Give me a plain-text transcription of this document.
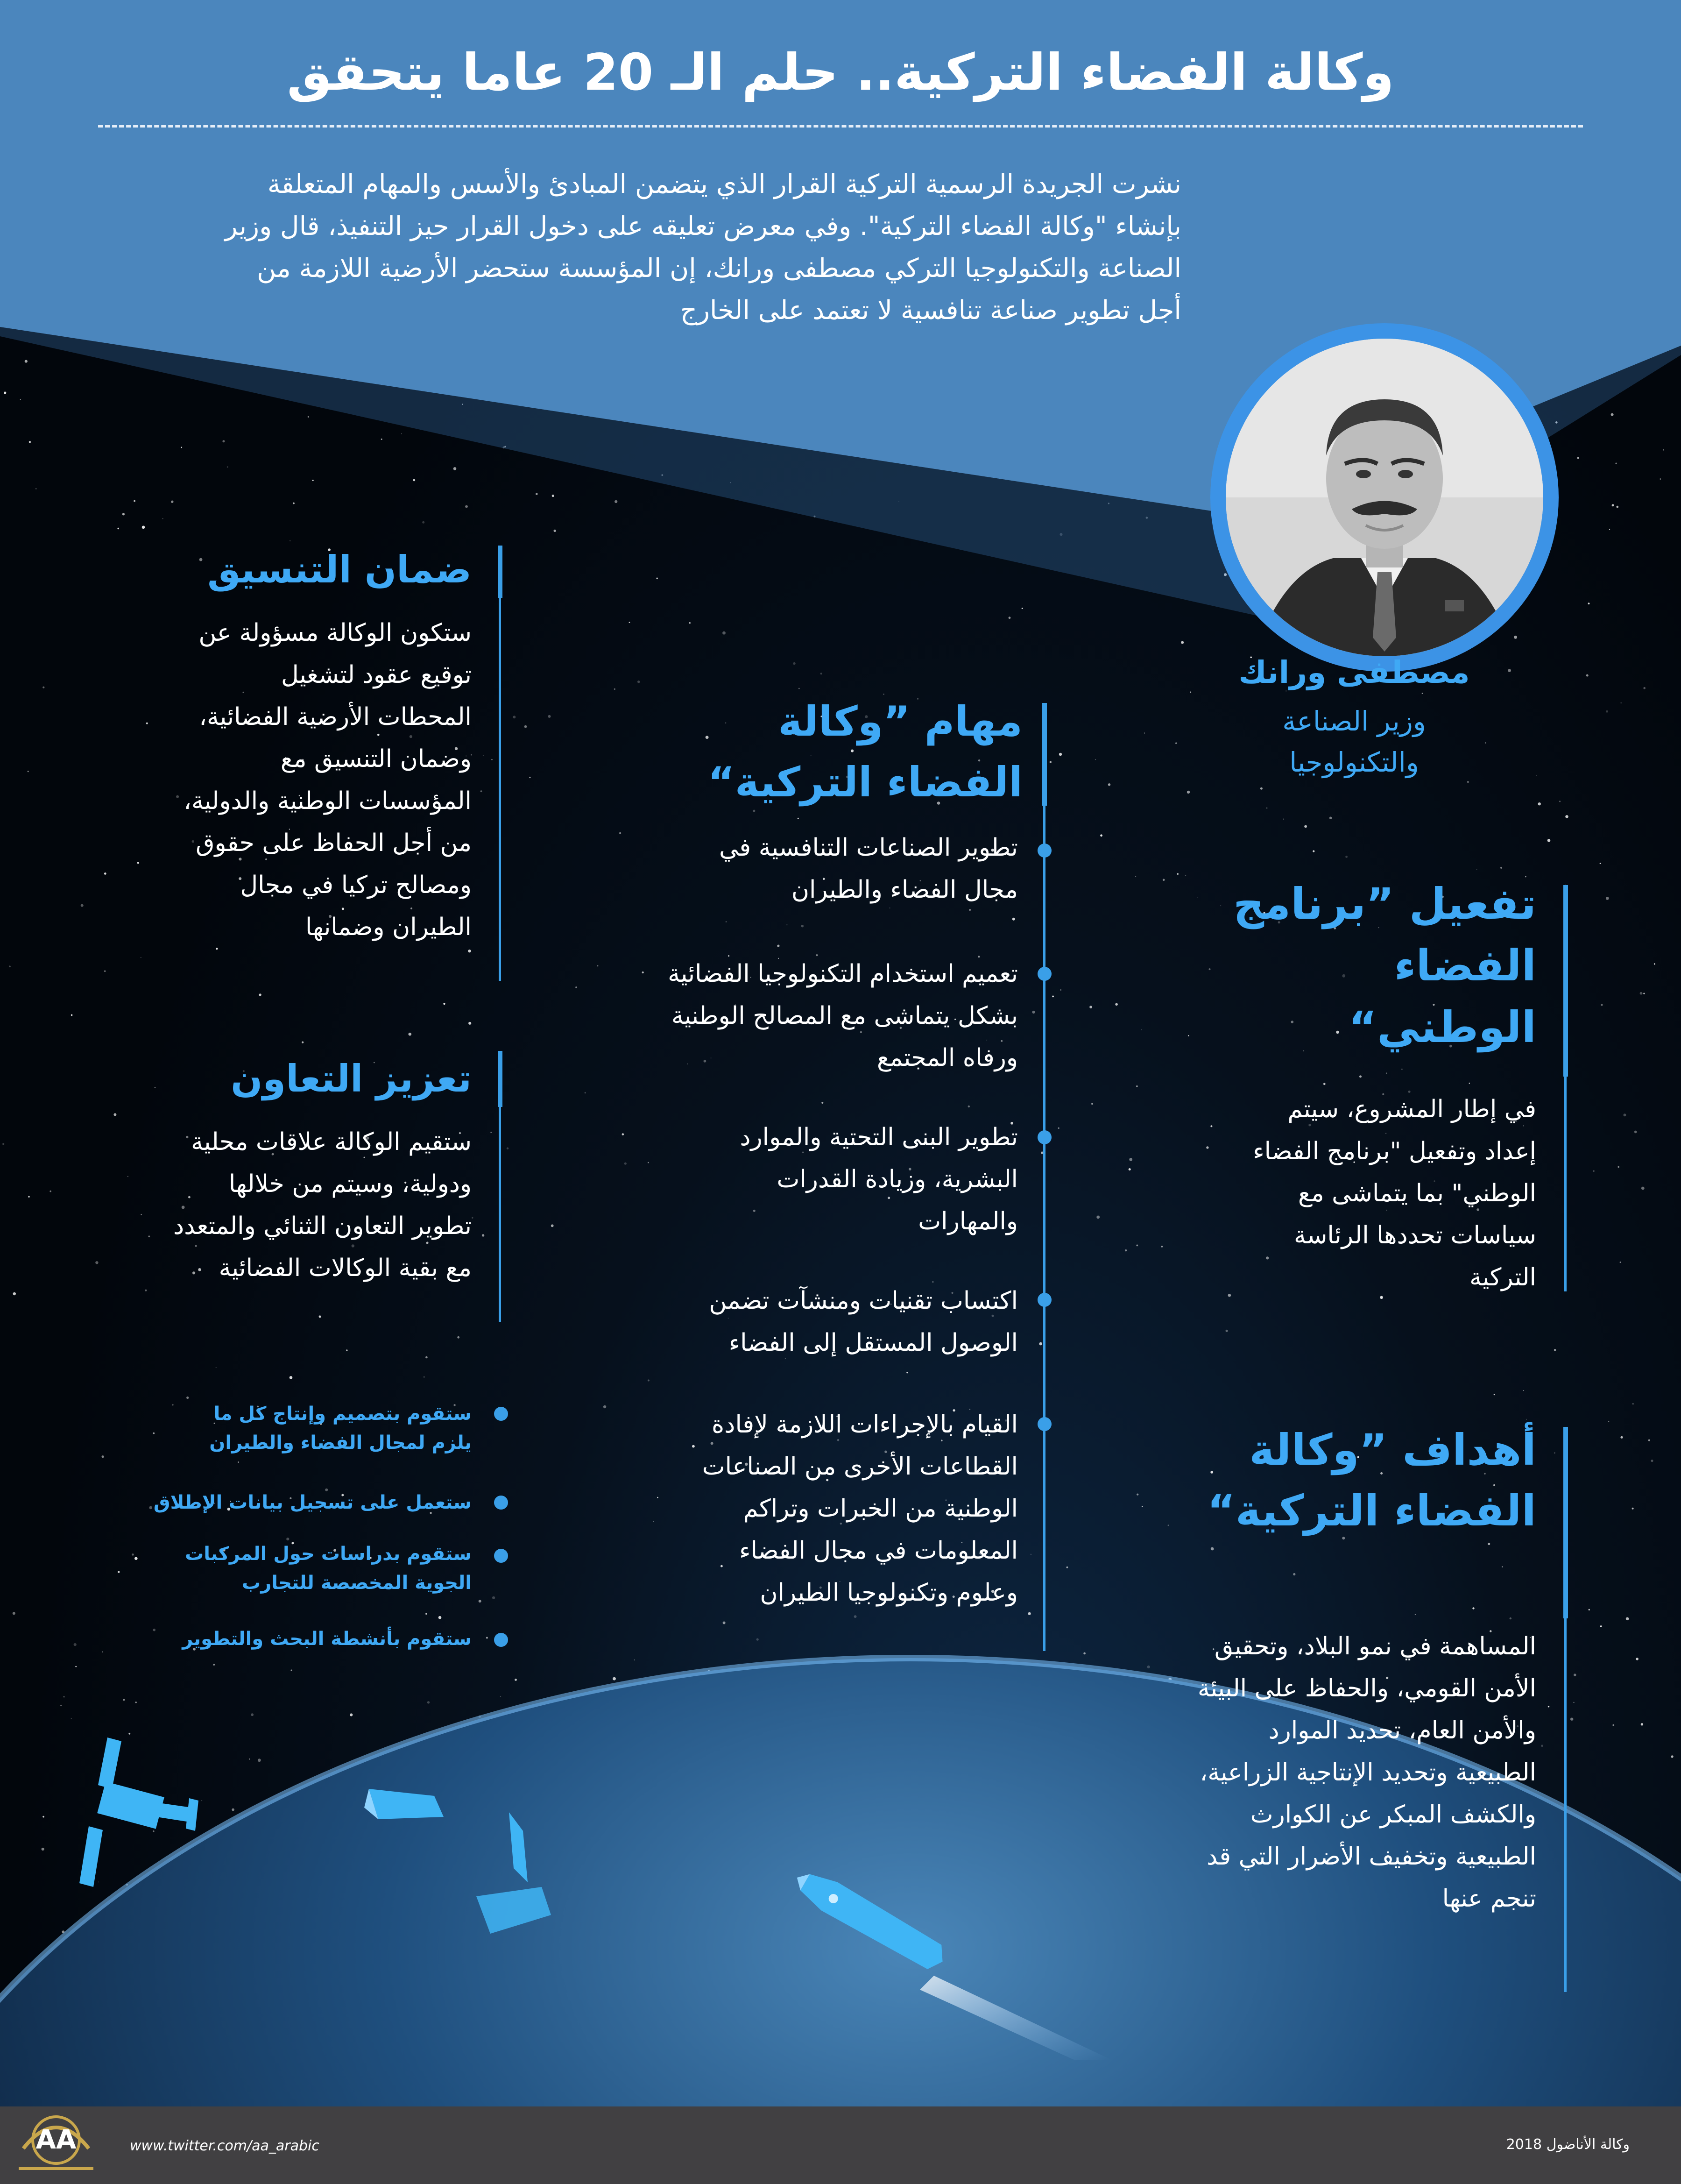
وكالة الفضاء التركية.. حلم الـ 20 عاما يتحقق
نشرت الجريدة الرسمية التركية القرار الذي يتضمن المبادئ والأسس والمهام المتعلقة بإنشاء "وكالة الفضاء التركية". وفي معرض تعليقه على دخول القرار حيز التنفيذ، قال وزير الصناعة والتكنولوجيا التركي مصطفى ورانك، إن المؤسسة ستحضر الأرضية اللازمة من أجل تطوير صناعة تنافسية لا تعتمد على الخارج
مصطفى ورانك
وزير الصناعة والتكنولوجيا
ضمان التنسيق
ستكون الوكالة مسؤولة عن توقيع عقود لتشغيل المحطات الأرضية الفضائية، وضمان التنسيق مع المؤسسات الوطنية والدولية، من أجل الحفاظ على حقوق ومصالح تركيا في مجال الطيران وضمانها
تعزيز التعاون
ستقيم الوكالة علاقات محلية ودولية، وسيتم من خلالها تطوير التعاون الثنائي والمتعدد مع بقية الوكالات الفضائية
ستقوم بتصميم وإنتاج كل ما يلزم لمجال الفضاء والطيران
ستعمل على تسجيل بيانات الإطلاق
ستقوم بدراسات حول المركبات الجوية المخصصة للتجارب
ستقوم بأنشطة البحث والتطوير
مهام ”وكالة الفضاء التركية“
تطوير الصناعات التنافسية في مجال الفضاء والطيران
تعميم استخدام التكنولوجيا الفضائية بشكل يتماشى مع المصالح الوطنية ورفاه المجتمع
تطوير البنى التحتية والموارد البشرية، وزيادة القدرات والمهارات
اكتساب تقنيات ومنشآت تضمن الوصول المستقل إلى الفضاء
القيام بالإجراءات اللازمة لإفادة القطاعات الأخرى من الصناعات الوطنية من الخبرات وتراكم المعلومات في مجال الفضاء وعلوم وتكنولوجيا الطيران
تفعيل ”برنامج الفضاء الوطني“
في إطار المشروع، سيتم إعداد وتفعيل "برنامج الفضاء الوطني" بما يتماشى مع سياسات تحددها الرئاسة التركية
أهداف ”وكالة الفضاء التركية“
المساهمة في نمو البلاد، وتحقيق الأمن القومي، والحفاظ على البيئة والأمن العام، تحديد الموارد الطبيعية وتحديد الإنتاجية الزراعية، والكشف المبكر عن الكوارث الطبيعية وتخفيف الأضرار التي قد تنجم عنها
AA	www.twitter.com/aa_arabic	وكالة الأناضول 2018
